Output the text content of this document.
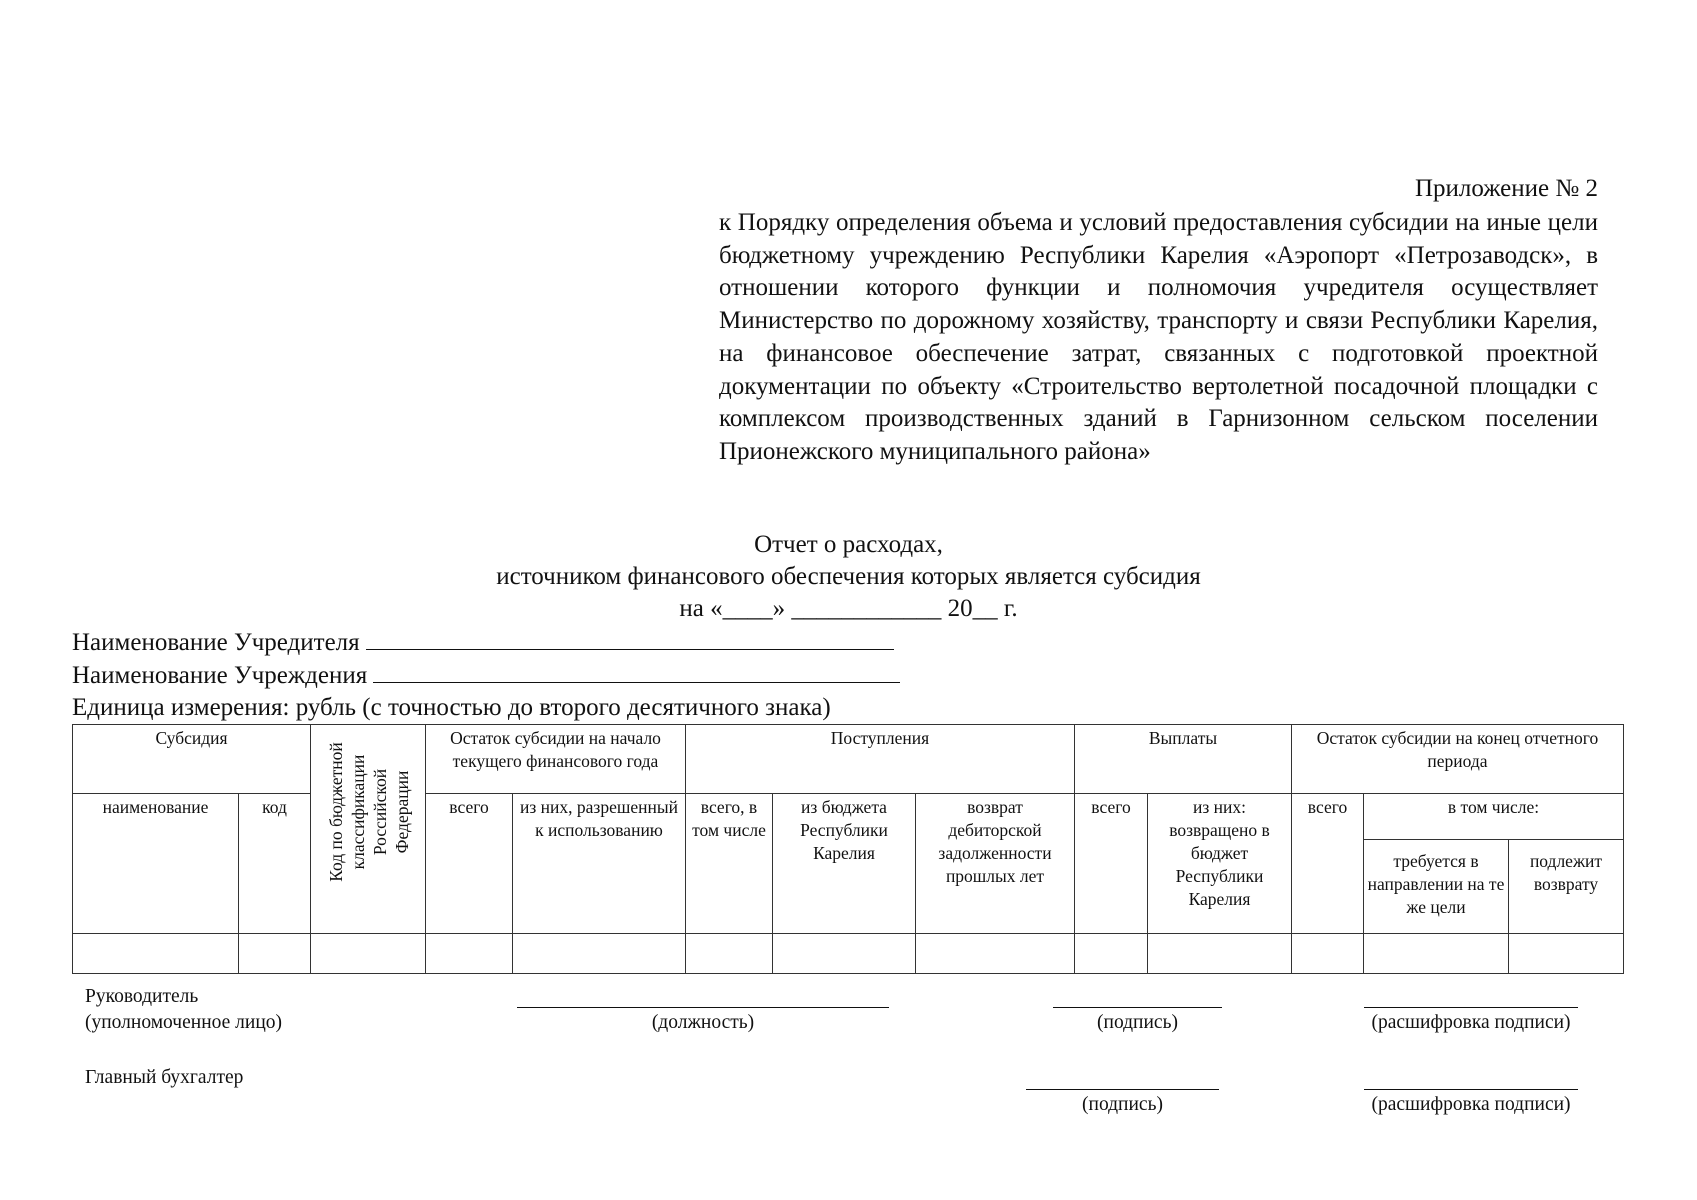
Приложение № 2
к Порядку определения объема и условий предоставления субсидии на иные цели бюджетному учреждению Республики Карелия «Аэропорт «Петрозаводск», в отношении которого функции и полномочия учредителя осуществляет Министерство по дорожному хозяйству, транспорту и связи Республики Карелия, на финансовое обеспечение затрат, связанных с подготовкой проектной документации по объекту «Строительство вертолетной посадочной площадки с комплексом производственных зданий в Гарнизонном сельском поселении Прионежского муниципального района»
Отчет о расходах,
источником финансового обеспечения которых является субсидия
на «____» ____________ 20__ г.
Наименование Учредителя
Наименование Учреждения
Единица измерения: рубль (с точностью до второго десятичного знака)
Субсидия		Код по бюджетной классификации Российской Федерации	Остаток субсидии на начало текущего финансового года		Поступления			Выплаты		Остаток субсидии на конец отчетного периода		
наименование	код		всего	из них, разрешенный к использованию	всего, в том числе	из бюджета Республики Карелия	возврат дебиторской задолженности прошлых лет	всего	из них: возвращено в бюджет Республики Карелия	всего	в том числе:	
											требуется в направлении на те же цели	подлежит возврату

Руководитель
(уполномоченное лицо)	(должность)	(подпись)	(расшифровка подписи)
Главный бухгалтер
(подпись)	(расшифровка подписи)
